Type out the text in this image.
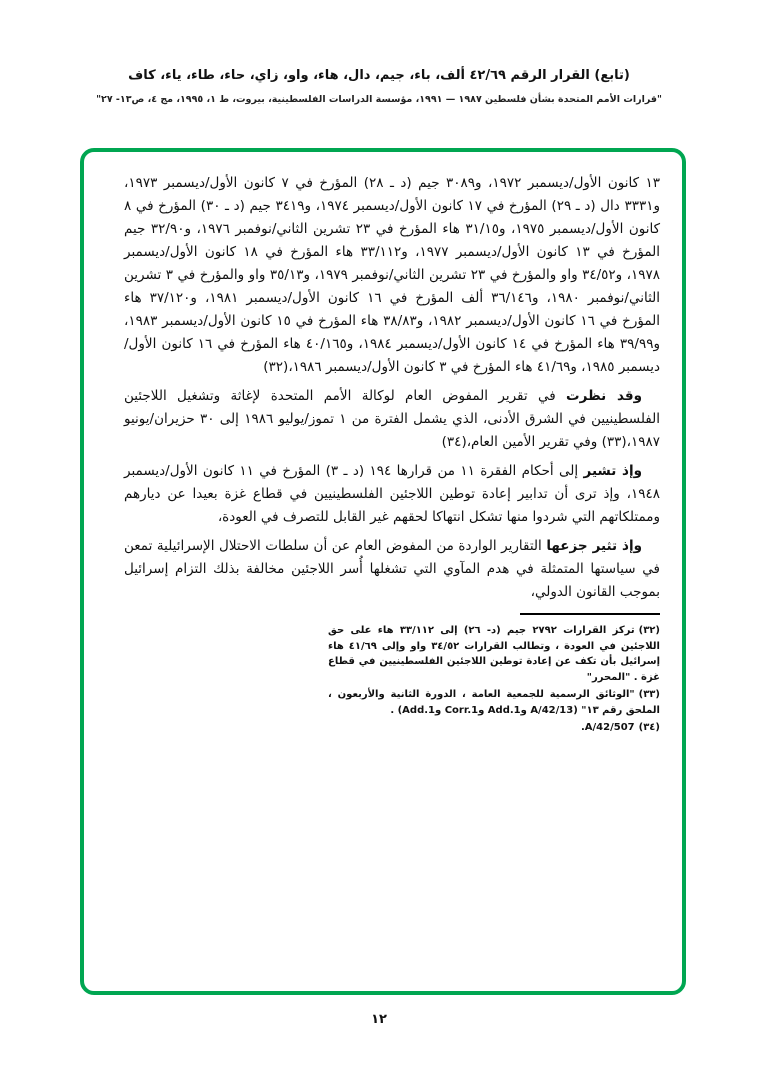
(تابع) القرار الرقم ٤٢/٦٩ ألف، باء، جيم، دال، هاء، واو، زاي، حاء، طاء، ياء، كاف
"قرارات الأمم المتحدة بشأن فلسطين ١٩٨٧ — ١٩٩١، مؤسسة الدراسات الفلسطينية، بيروت، ط ١، ١٩٩٥، مج ٤، ص١٣- ٢٧"

١٣ كانون الأول/ديسمبر ١٩٧٢، و٣٠٨٩ جيم (د ـ ٢٨) المؤرخ في ٧ كانون الأول/ديسمبر ١٩٧٣، و٣٣٣١ دال (د ـ ٢٩) المؤرخ في ١٧ كانون الأول/ديسمبر ١٩٧٤، و٣٤١٩ جيم (د ـ ٣٠) المؤرخ في ٨ كانون الأول/ديسمبر ١٩٧٥، و٣١/١٥ هاء المؤرخ في ٢٣ تشرين الثاني/نوفمبر ١٩٧٦، و٣٢/٩٠ جيم المؤرخ في ١٣ كانون الأول/ديسمبر ١٩٧٧، و٣٣/١١٢ هاء المؤرخ في ١٨ كانون الأول/ديسمبر ١٩٧٨، و٣٤/٥٢ واو والمؤرخ في ٢٣ تشرين الثاني/نوفمبر ١٩٧٩، و٣٥/١٣ واو والمؤرخ في ٣ تشرين الثاني/نوفمبر ١٩٨٠، و٣٦/١٤٦ ألف المؤرخ في ١٦ كانون الأول/ديسمبر ١٩٨١، و٣٧/١٢٠ هاء المؤرخ في ١٦ كانون الأول/ديسمبر ١٩٨٢، و٣٨/٨٣ هاء المؤرخ في ١٥ كانون الأول/ديسمبر ١٩٨٣، و٣٩/٩٩ هاء المؤرخ في ١٤ كانون الأول/ديسمبر ١٩٨٤، و٤٠/١٦٥ هاء المؤرخ في ١٦ كانون الأول/ديسمبر ١٩٨٥، و٤١/٦٩ هاء المؤرخ في ٣ كانون الأول/ديسمبر ١٩٨٦،(٣٢)

وقد نظرت في تقرير المفوض العام لوكالة الأمم المتحدة لإغاثة وتشغيل اللاجئين الفلسطينيين في الشرق الأدنى، الذي يشمل الفترة من ١ تموز/يوليو ١٩٨٦ إلى ٣٠ حزيران/يونيو ١٩٨٧،(٣٣) وفي تقرير الأمين العام،(٣٤)

وإذ تشير إلى أحكام الفقرة ١١ من قرارها ١٩٤ (د ـ ٣) المؤرخ في ١١ كانون الأول/ديسمبر ١٩٤٨، وإذ ترى أن تدابير إعادة توطين اللاجئين الفلسطينيين في قطاع غزة بعيدا عن ديارهم وممتلكاتهم التي شردوا منها تشكل انتهاكا لحقهم غير القابل للتصرف في العودة،

وإذ تثير جزعها التقارير الواردة من المفوض العام عن أن سلطات الاحتلال الإسرائيلية تمعن في سياستها المتمثلة في هدم المآوي التي تشغلها أُسر اللاجئين مخالفة بذلك التزام إسرائيل بموجب القانون الدولي،

(٣٢)تركز القرارات ٢٧٩٢ جيم (د- ٢٦) إلى ٣٣/١١٢ هاء على حق اللاجئين في العودة ، وتطالب القرارات ٣٤/٥٢ واو وإلى ٤١/٦٩ هاء إسرائيل بأن تكف عن إعادة توطين اللاجئين الفلسطينيين في قطاع غزة . "المحرر"

(٣٣)"الوثائق الرسمية للجمعية العامة ، الدورة الثانية والأربعون ، الملحق رقم ١٣" (A/42/13 وAdd.1 وCorr.1 وAdd.1) .

(٣٤)A/42/507.

١٢
